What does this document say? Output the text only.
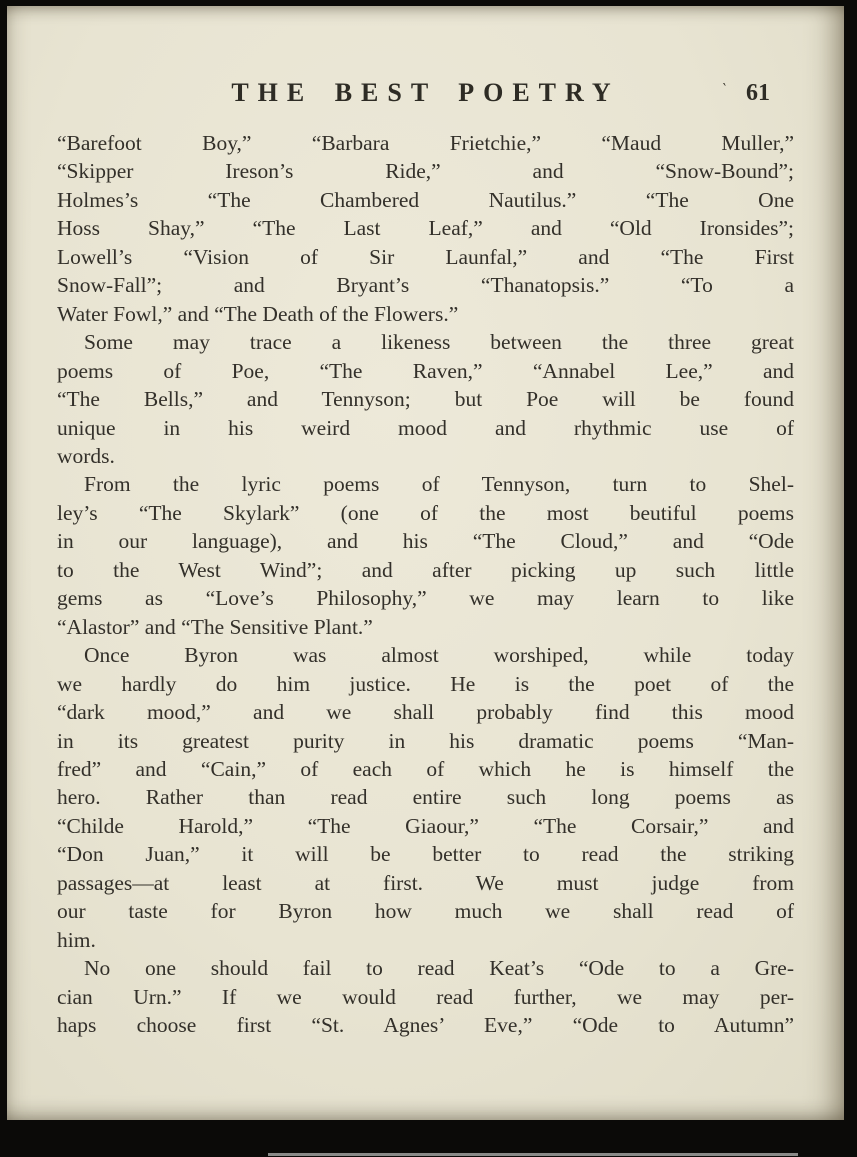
THE BEST POETRY	‵ 61
“Barefoot Boy,” “Barbara Frietchie,” “Maud Muller,”
“Skipper Ireson’s Ride,” and “Snow-Bound”;
Holmes’s “The Chambered Nautilus.” “The One
Hoss Shay,” “The Last Leaf,” and “Old Ironsides”;
Lowell’s “Vision of Sir Launfal,” and “The First
Snow-Fall”; and Bryant’s “Thanatopsis.” “To a
Water Fowl,” and “The Death of the Flowers.”
Some may trace a likeness between the three great
poems of Poe, “The Raven,” “Annabel Lee,” and
“The Bells,” and Tennyson; but Poe will be found
unique in his weird mood and rhythmic use of
words.
From the lyric poems of Tennyson, turn to Shel-
ley’s “The Skylark” (one of the most beutiful poems
in our language), and his “The Cloud,” and “Ode
to the West Wind”; and after picking up such little
gems as “Love’s Philosophy,” we may learn to like
“Alastor” and “The Sensitive Plant.”
Once Byron was almost worshiped, while today
we hardly do him justice. He is the poet of the
“dark mood,” and we shall probably find this mood
in its greatest purity in his dramatic poems “Man-
fred” and “Cain,” of each of which he is himself the
hero. Rather than read entire such long poems as
“Childe Harold,” “The Giaour,” “The Corsair,” and
“Don Juan,” it will be better to read the striking
passages—at least at first. We must judge from
our taste for Byron how much we shall read of
him.
No one should fail to read Keat’s “Ode to a Gre-
cian Urn.” If we would read further, we may per-
haps choose first “St. Agnes’ Eve,” “Ode to Autumn”
